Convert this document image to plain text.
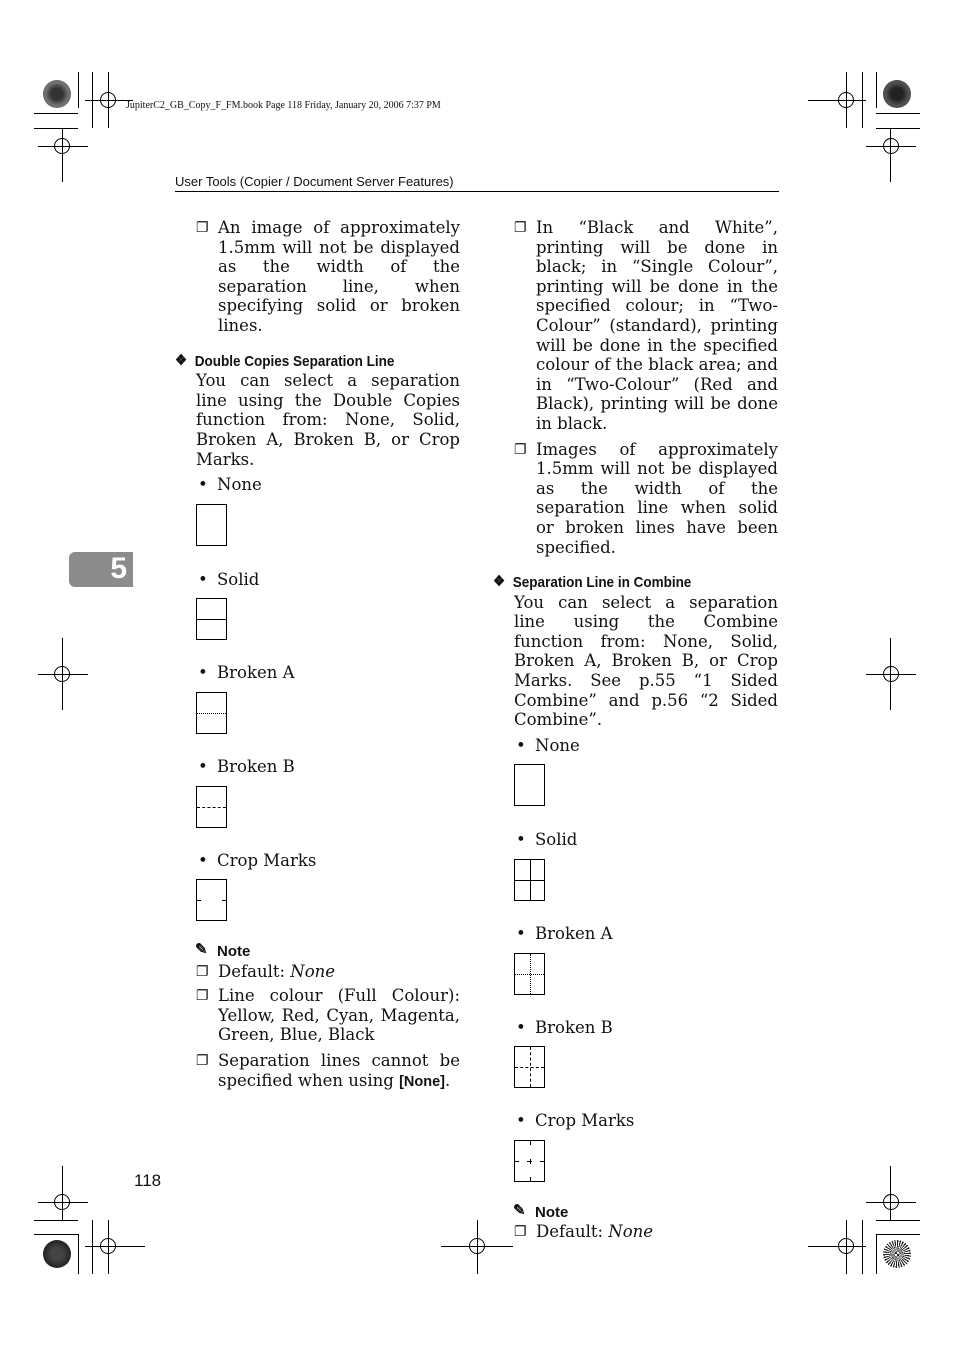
JupiterC2_GB_Copy_F_FM.book Page 118 Friday, January 20, 2006 7:37 PM
User Tools (Copier / Document Server Features)
5
❐ An image of approximately 1.5mm will not be displayed as the width of the separation line, when specifying solid or broken lines.
❖ Double Copies Separation Line

You can select a separation line using the Double Copies function from: None, Solid, Broken A, Broken B, or Crop Marks.

• None
• Solid
• Broken A
• Broken B
• Crop Marks
✎ Note
❐ Default: None
❐ Line colour (Full Colour): Yellow, Red, Cyan, Magenta, Green, Blue, Black
❐ Separation lines cannot be specified when using [None].
❐ In “Black and White”, printing will be done in black; in “Single Colour”, printing will be done in the specified colour; in “Two-Colour” (standard), printing will be done in the specified colour of the black area; and in “Two-Colour” (Red and Black), printing will be done in black.
❐ Images of approximately 1.5mm will not be displayed as the width of the separation line when solid or broken lines have been specified.
❖ Separation Line in Combine

You can select a separation line using the Combine function from: None, Solid, Broken A, Broken B, or Crop Marks. See p.55 “1 Sided Combine” and p.56 “2 Sided Combine”.

• None
• Solid
• Broken A
• Broken B
• Crop Marks
✎ Note
❐ Default: None
118
